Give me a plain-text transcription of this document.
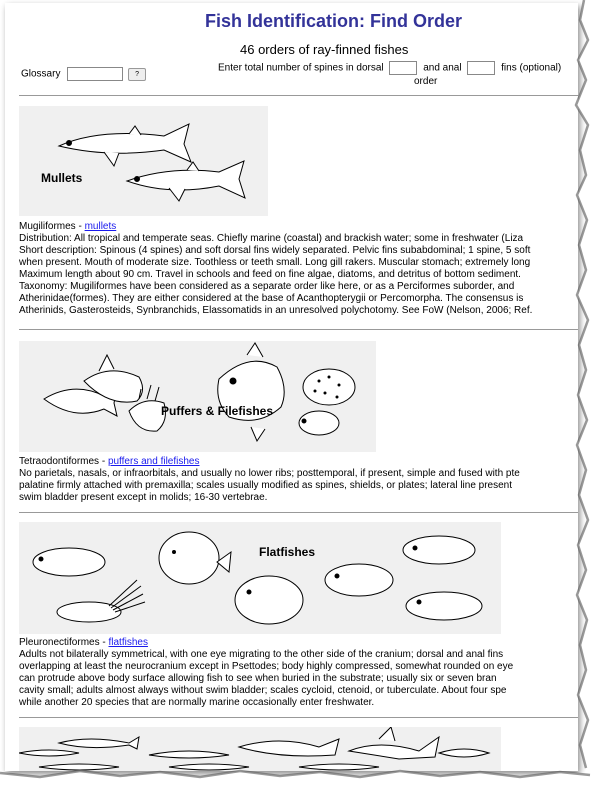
Fish Identification: Find Order
46 orders of ray-finned fishes
Glossary	?
Enter total number of spines in dorsal	and anal	fins (optional)
order
Mullets
Mugiliformes - mullets

Distribution: All tropical and temperate seas. Chiefly marine (coastal) and brackish water; some in freshwater (Liza

Short description: Spinous (4 spines) and soft dorsal fins widely separated. Pelvic fins subabdominal; 1 spine, 5 soft

when present. Mouth of moderate size. Toothless or teeth small. Long gill rakers. Muscular stomach; extremely long

Maximum length about 90 cm. Travel in schools and feed on fine algae, diatoms, and detritus of bottom sediment.

Taxonomy: Mugiliformes have been considered as a separate order like here, or as a Perciformes suborder, and

Atherinidae(formes). They are either considered at the base of Acanthopterygii or Percomorpha. The consensus is

Atherinids, Gasterosteids, Synbranchids, Elassomatids in an unresolved polychotomy. See FoW (Nelson, 2006; Ref.

Puffers & Filefishes
Tetraodontiformes - puffers and filefishes

No parietals, nasals, or infraorbitals, and usually no lower ribs; posttemporal, if present, simple and fused with pte

palatine firmly attached with premaxilla; scales usually modified as spines, shields, or plates; lateral line present

swim bladder present except in molids; 16-30 vertebrae.

Flatfishes
Pleuronectiformes - flatfishes

Adults not bilaterally symmetrical, with one eye migrating to the other side of the cranium; dorsal and anal fins

overlapping at least the neurocranium except in Psettodes; body highly compressed, somewhat rounded on eye

can protrude above body surface allowing fish to see when buried in the substrate; usually six or seven bran

cavity small; adults almost always without swim bladder; scales cycloid, ctenoid, or tuberculate. About four spe

while another 20 species that are normally marine occasionally enter freshwater.
